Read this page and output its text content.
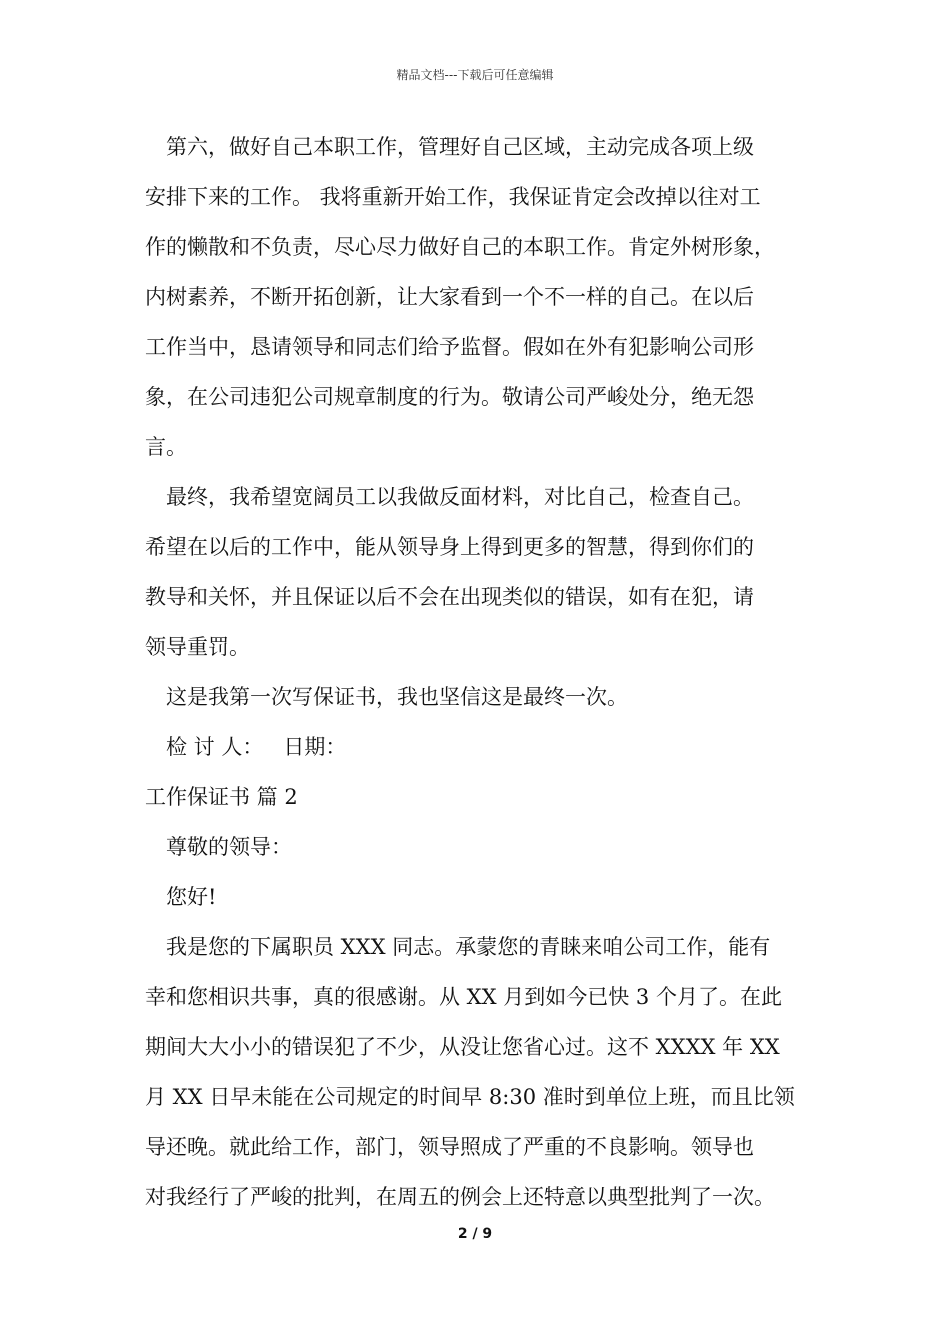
精品文档---下载后可任意编辑
第六，做好自己本职工作，管理好自己区域，主动完成各项上级
安排下来的工作。 我将重新开始工作，我保证肯定会改掉以往对工
作的懒散和不负责，尽心尽力做好自己的本职工作。肯定外树形象，
内树素养，不断开拓创新，让大家看到一个不一样的自己。在以后
工作当中，恳请领导和同志们给予监督。假如在外有犯影响公司形
象，在公司违犯公司规章制度的行为。敬请公司严峻处分，绝无怨
言。
最终，我希望宽阔员工以我做反面材料，对比自己，检查自己。
希望在以后的工作中，能从领导身上得到更多的智慧，得到你们的
教导和关怀，并且保证以后不会在出现类似的错误，如有在犯，请
领导重罚。
这是我第一次写保证书，我也坚信这是最终一次。
检 讨 人：   日期：
工作保证书 篇 2
尊敬的领导：
您好!
我是您的下属职员 XXX 同志。承蒙您的青睐来咱公司工作，能有
幸和您相识共事，真的很感谢。从 XX 月到如今已快 3 个月了。在此
期间大大小小的错误犯了不少，从没让您省心过。这不 XXXX 年 XX
月 XX 日早未能在公司规定的时间早 8:30 准时到单位上班，而且比领
导还晚。就此给工作，部门，领导照成了严重的不良影响。领导也
对我经行了严峻的批判，在周五的例会上还特意以典型批判了一次。
2 / 9
